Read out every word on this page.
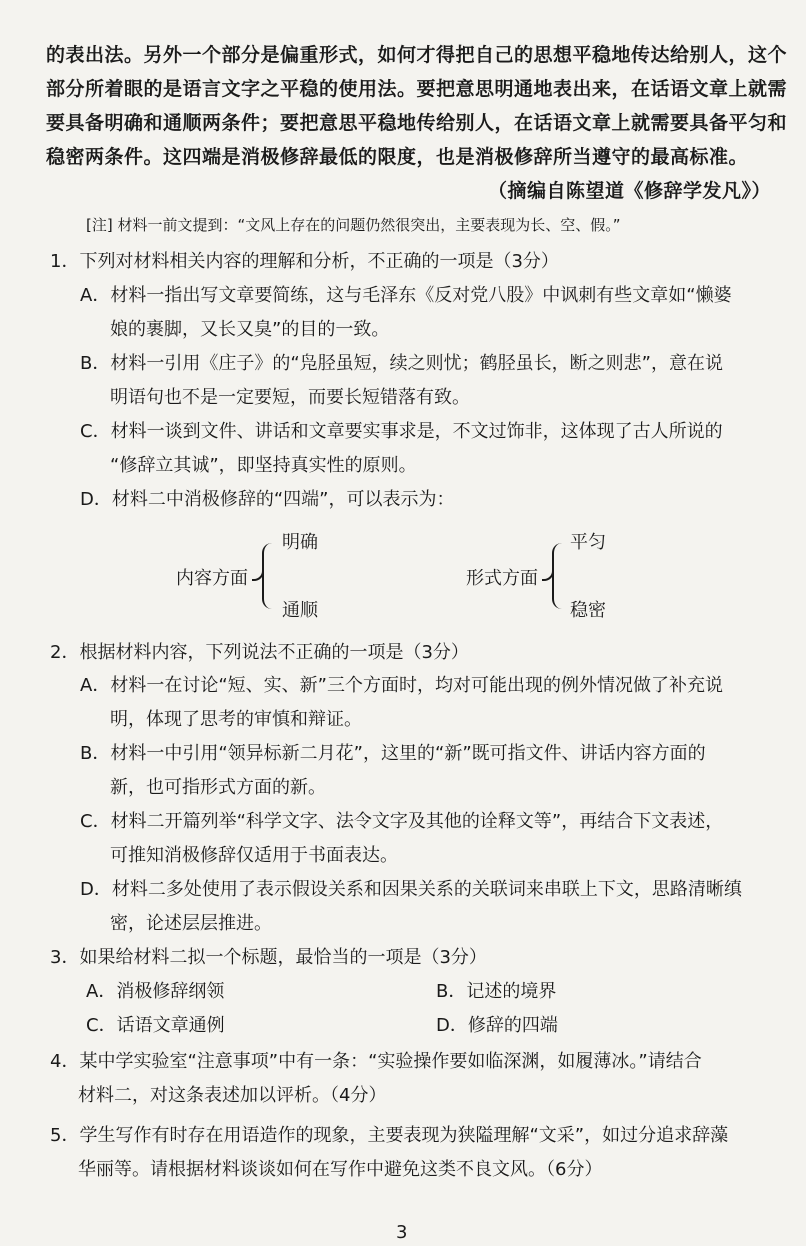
的表出法。另外一个部分是偏重形式，如何才得把自己的思想平稳地传达给别人，这个
部分所着眼的是语言文字之平稳的使用法。要把意思明通地表出来，在话语文章上就需
要具备明确和通顺两条件；要把意思平稳地传给别人，在话语文章上就需要具备平匀和
稳密两条件。这四端是消极修辞最低的限度，也是消极修辞所当遵守的最高标准。
（摘编自陈望道《修辞学发凡》）
[注] 材料一前文提到：“文风上存在的问题仍然很突出，主要表现为长、空、假。”
1．下列对材料相关内容的理解和分析，不正确的一项是（3分）
A．材料一指出写文章要简练，这与毛泽东《反对党八股》中讽刺有些文章如“懒婆
娘的裹脚，又长又臭”的目的一致。
B．材料一引用《庄子》的“凫胫虽短，续之则忧；鹤胫虽长，断之则悲”，意在说
明语句也不是一定要短，而要长短错落有致。
C．材料一谈到文件、讲话和文章要实事求是，不文过饰非，这体现了古人所说的
“修辞立其诚”，即坚持真实性的原则。
D．材料二中消极修辞的“四端”，可以表示为：
内容方面
明确
通顺
形式方面
平匀
稳密
2．根据材料内容，下列说法不正确的一项是（3分）
A．材料一在讨论“短、实、新”三个方面时，均对可能出现的例外情况做了补充说
明，体现了思考的审慎和辩证。
B．材料一中引用“领异标新二月花”，这里的“新”既可指文件、讲话内容方面的
新，也可指形式方面的新。
C．材料二开篇列举“科学文字、法令文字及其他的诠释文等”，再结合下文表述，
可推知消极修辞仅适用于书面表达。
D．材料二多处使用了表示假设关系和因果关系的关联词来串联上下文，思路清晰缜
密，论述层层推进。
3．如果给材料二拟一个标题，最恰当的一项是（3分）
A．消极修辞纲领	B．记述的境界
C．话语文章通例	D．修辞的四端
4．某中学实验室“注意事项”中有一条：“实验操作要如临深渊，如履薄冰。”请结合
材料二，对这条表述加以评析。（4分）
5．学生写作有时存在用语造作的现象，主要表现为狭隘理解“文采”，如过分追求辞藻
华丽等。请根据材料谈谈如何在写作中避免这类不良文风。（6分）
3
